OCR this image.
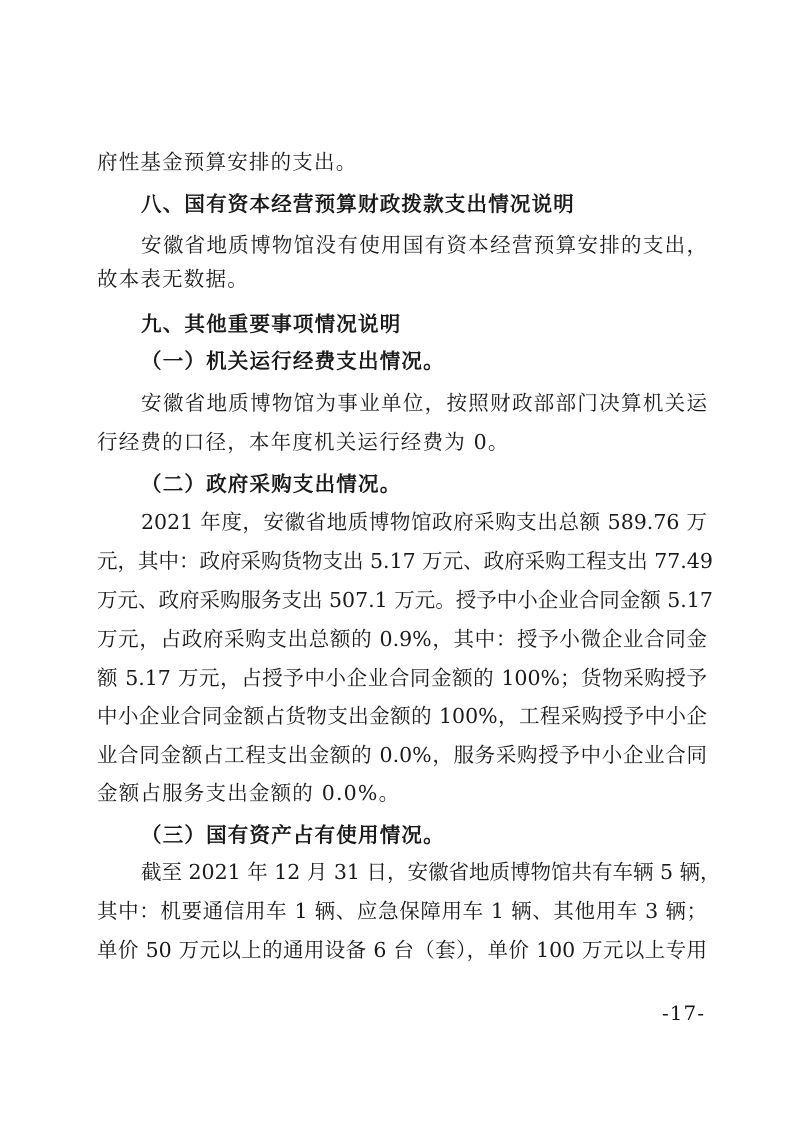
府性基金预算安排的支出。
八、国有资本经营预算财政拨款支出情况说明
安徽省地质博物馆没有使用国有资本经营预算安排的支出，
故本表无数据。
九、其他重要事项情况说明
（一）机关运行经费支出情况。
安徽省地质博物馆为事业单位，按照财政部部门决算机关运
行经费的口径，本年度机关运行经费为 0。
（二）政府采购支出情况。
2021 年度，安徽省地质博物馆政府采购支出总额 589.76 万
元，其中：政府采购货物支出 5.17 万元、政府采购工程支出 77.49
万元、政府采购服务支出 507.1 万元。授予中小企业合同金额 5.17
万元，占政府采购支出总额的 0.9%，其中：授予小微企业合同金
额 5.17 万元，占授予中小企业合同金额的 100%；货物采购授予
中小企业合同金额占货物支出金额的 100%，工程采购授予中小企
业合同金额占工程支出金额的 0.0%，服务采购授予中小企业合同
金额占服务支出金额的 0.0%。
（三）国有资产占有使用情况。
截至 2021 年 12 月 31 日，安徽省地质博物馆共有车辆 5 辆，
其中：机要通信用车 1 辆、应急保障用车 1 辆、其他用车 3 辆；
单价 50 万元以上的通用设备 6 台（套），单价 100 万元以上专用
-17-
